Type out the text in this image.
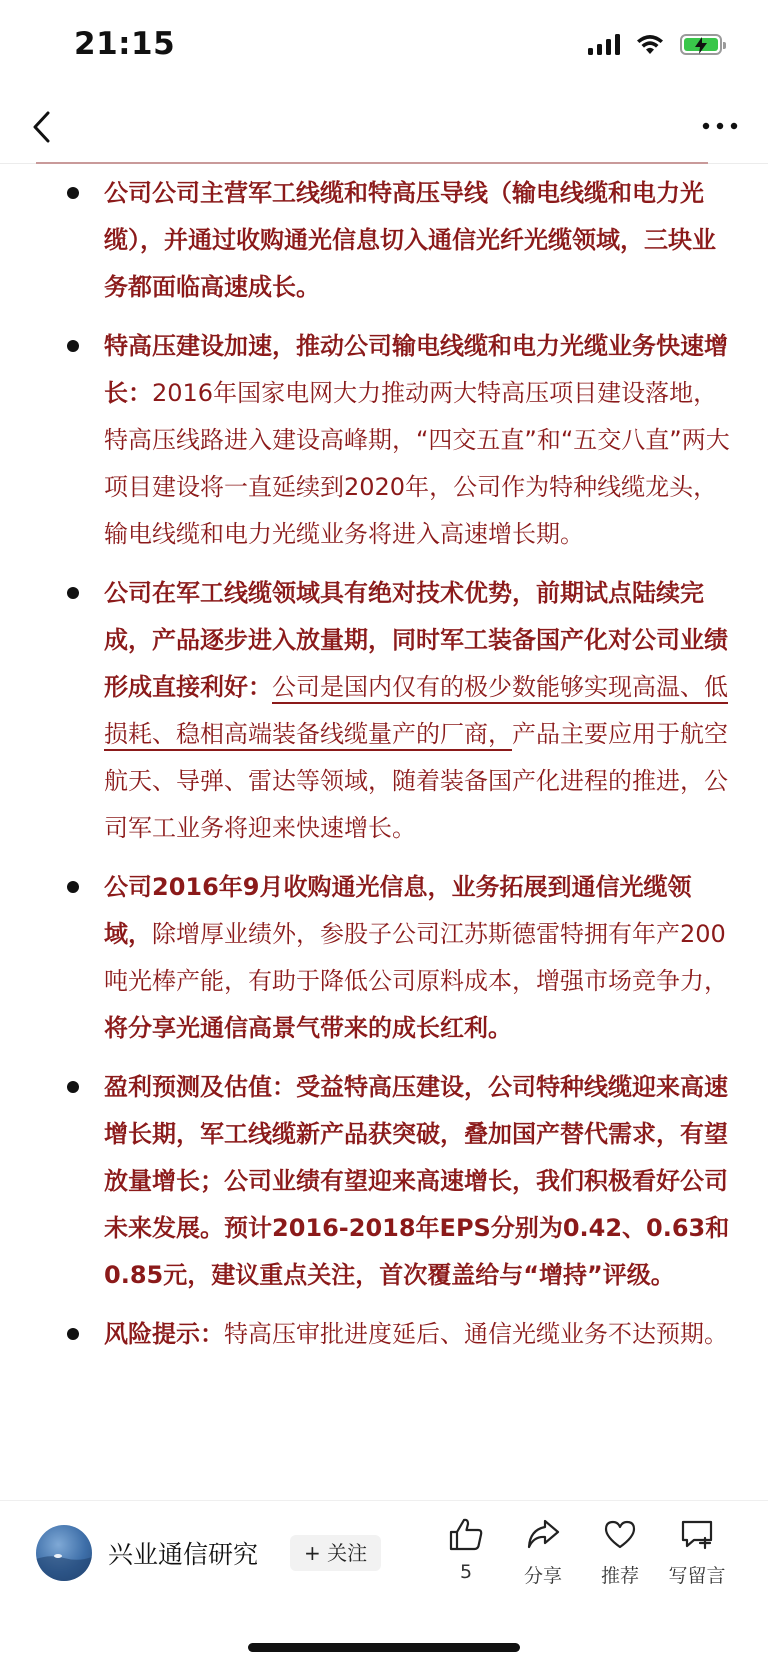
21:15
公司公司主营军工线缆和特高压导线（输电线缆和电力光缆），并通过收购通光信息切入通信光纤光缆领域，三块业务都面临高速成长。
特高压建设加速，推动公司输电线缆和电力光缆业务快速增长：2016年国家电网大力推动两大特高压项目建设落地，特高压线路进入建设高峰期，“四交五直”和“五交八直”两大项目建设将一直延续到2020年，公司作为特种线缆龙头，输电线缆和电力光缆业务将进入高速增长期。
公司在军工线缆领域具有绝对技术优势，前期试点陆续完成，产品逐步进入放量期，同时军工装备国产化对公司业绩形成直接利好：公司是国内仅有的极少数能够实现高温、低损耗、稳相高端装备线缆量产的厂商，产品主要应用于航空航天、导弹、雷达等领域，随着装备国产化进程的推进，公司军工业务将迎来快速增长。
公司2016年9月收购通光信息，业务拓展到通信光缆领域，除增厚业绩外，参股子公司江苏斯德雷特拥有年产200吨光棒产能，有助于降低公司原料成本，增强市场竞争力，将分享光通信高景气带来的成长红利。
盈利预测及估值：受益特高压建设，公司特种线缆迎来高速增长期，军工线缆新产品获突破，叠加国产替代需求，有望放量增长；公司业绩有望迎来高速增长，我们积极看好公司未来发展。预计2016-2018年EPS分别为0.42、0.63和0.85元，建议重点关注，首次覆盖给与“增持”评级。
风险提示：特高压审批进度延后、通信光缆业务不达预期。
兴业通信研究	+ 关注
5	分享	推荐	写留言
